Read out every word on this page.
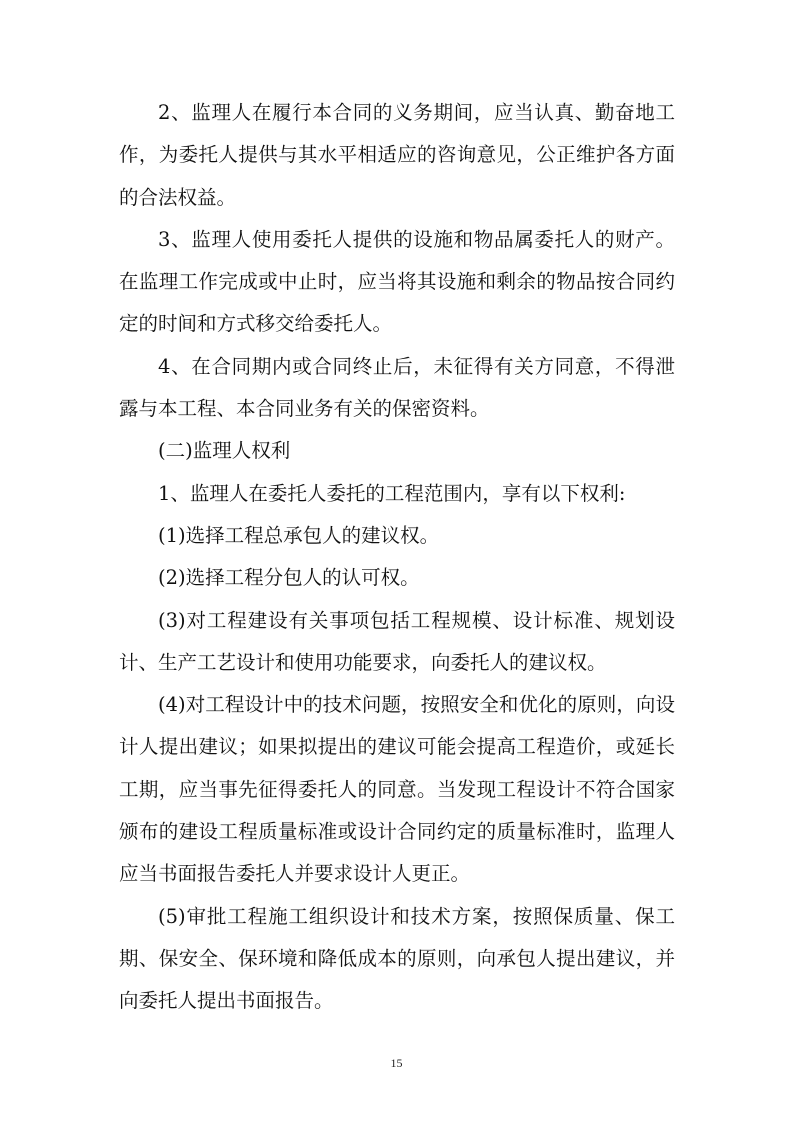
2、监理人在履行本合同的义务期间，应当认真、勤奋地工作，为委托人提供与其水平相适应的咨询意见，公正维护各方面的合法权益。

3、监理人使用委托人提供的设施和物品属委托人的财产。在监理工作完成或中止时，应当将其设施和剩余的物品按合同约定的时间和方式移交给委托人。

4、在合同期内或合同终止后，未征得有关方同意，不得泄露与本工程、本合同业务有关的保密资料。

(二)监理人权利

1、监理人在委托人委托的工程范围内，享有以下权利:

(1)选择工程总承包人的建议权。

(2)选择工程分包人的认可权。

(3)对工程建设有关事项包括工程规模、设计标准、规划设计、生产工艺设计和使用功能要求，向委托人的建议权。

(4)对工程设计中的技术问题，按照安全和优化的原则，向设计人提出建议；如果拟提出的建议可能会提高工程造价，或延长工期，应当事先征得委托人的同意。当发现工程设计不符合国家颁布的建设工程质量标准或设计合同约定的质量标准时，监理人应当书面报告委托人并要求设计人更正。

(5)审批工程施工组织设计和技术方案，按照保质量、保工期、保安全、保环境和降低成本的原则，向承包人提出建议，并向委托人提出书面报告。

15
